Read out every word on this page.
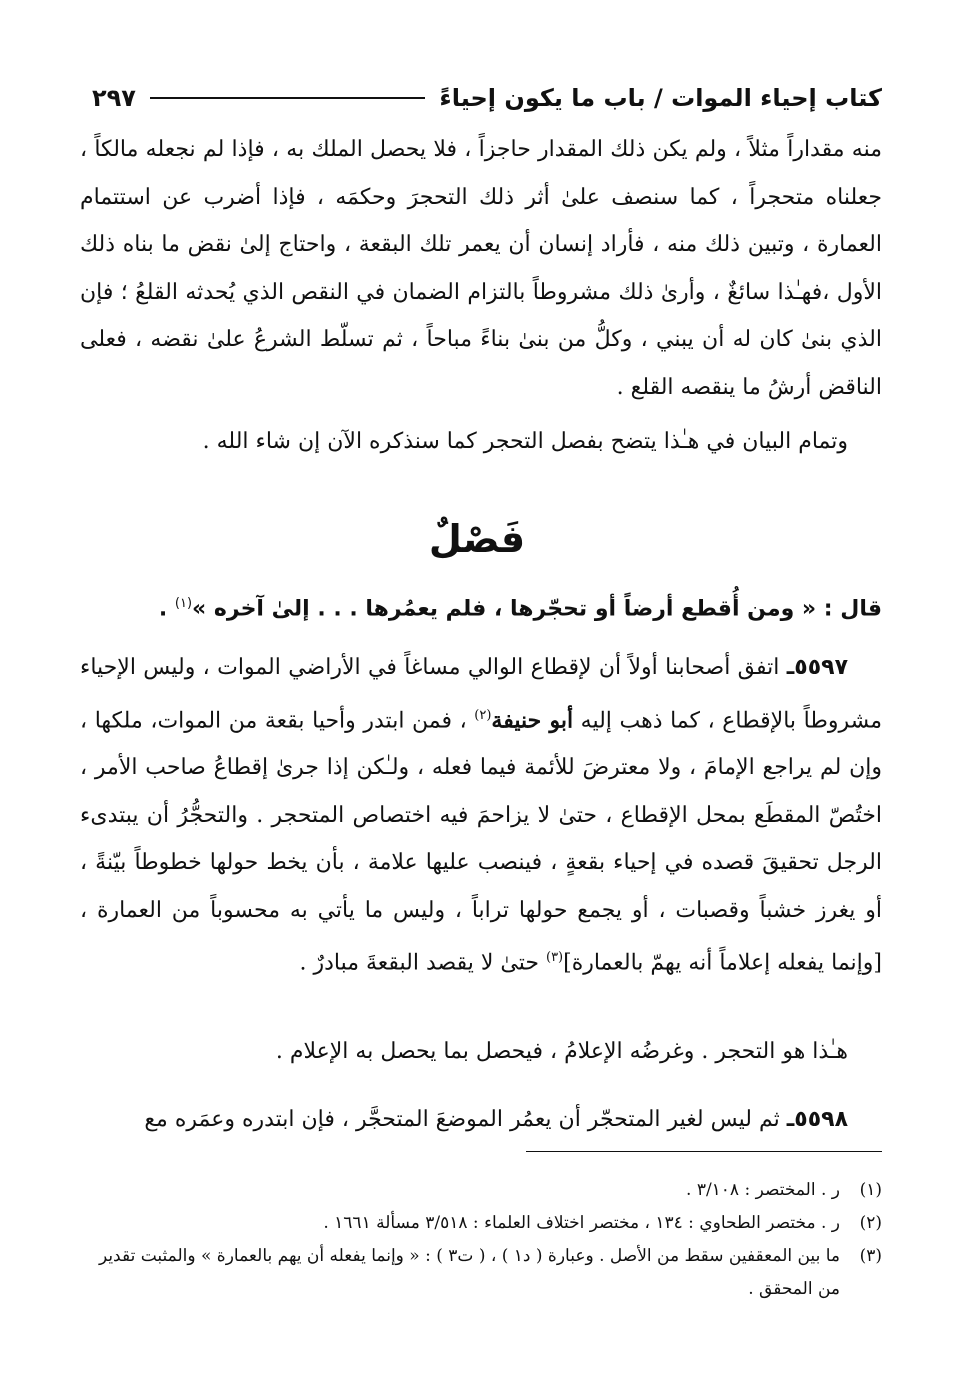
كتاب إحياء الموات / باب ما يكون إحياءً
٢٩٧

منه مقداراً مثلاً ، ولم يكن ذلك المقدار حاجزاً ، فلا يحصل الملك به ، فإذا لم نجعله مالكاً ، جعلناه متحجراً ، كما سنصف علىٰ أثر ذلك التحجرَ وحكمَه ، فإذا أضرب عن استتمام العمارة ، وتبين ذلك منه ، فأراد إنسان أن يعمر تلك البقعة ، واحتاج إلىٰ نقض ما بناه ذلك الأول ،فهـٰذا سائغٌ ، وأرىٰ ذلك مشروطاً بالتزام الضمان في النقص الذي يُحدثه القلعُ ؛ فإن الذي بنىٰ كان له أن يبني ، وكلُّ من بنىٰ بناءً مباحاً ، ثم تسلّط الشرعُ علىٰ نقضه ، فعلى الناقض أرشُ ما ينقصه القلع .

وتمام البيان في هـٰذا يتضح بفصل التحجر كما سنذكره الآن إن شاء الله .

فَصْلٌ
قال : « ومن أُقطع أرضاً أو تحجّرها ، فلم يعمُرها . . . إلىٰ آخره »$^{(١)}$ .

٥٥٩٧ـ اتفق أصحابنا أولاً أن لإقطاع الوالي مساغاً في الأراضي الموات ، وليس الإحياء مشروطاً بالإقطاع ، كما ذهب إليه أبو حنيفة$^{(٢)}$ ، فمن ابتدر وأحيا بقعة من الموات، ملكها ، وإن لم يراجع الإمامَ ، ولا معترضَ للأئمة فيما فعله ، ولـٰكن إذا جرىٰ إقطاعُ صاحب الأمر ، اختُصّ المقطَع بمحل الإقطاع ، حتىٰ لا يزاحمَ فيه اختصاص المتحجر . والتحجُّرُ أن يبتدىء الرجل تحقيقَ قصده في إحياء بقعةٍ ، فينصب عليها علامة ، بأن يخط حولها خطوطاً بيّنةً ، أو يغرز خشباً وقصبات ، أو يجمع حولها تراباً ، وليس ما يأتي به محسوباً من العمارة ، [وإنما يفعله إعلاماً أنه يهمّ بالعمارة]$^{(٣)}$ حتىٰ لا يقصد البقعةَ مبادرٌ .

هـٰذا هو التحجر . وغرضُه الإعلامُ ، فيحصل بما يحصل به الإعلام .

٥٥٩٨ـ ثم ليس لغير المتحجّر أن يعمُر الموضعَ المتحجَّر ، فإن ابتدره وعمَره مع

(١)
ر . المختصر : ٣/١٠٨ .
(٢)
ر . مختصر الطحاوي : ١٣٤ ، مختصر اختلاف العلماء : ٣/٥١٨ مسألة ١٦٦١ .
(٣)
ما بين المعقفين سقط من الأصل . وعبارة ( د١ ) ، ( ت٣ ) : « وإنما يفعله أن يهم بالعمارة » والمثبت تقدير من المحقق .
